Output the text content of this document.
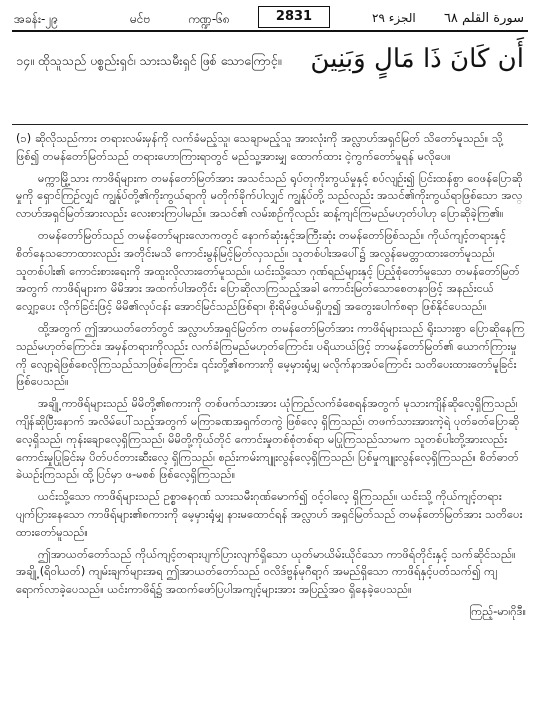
အခန်း-၂၉	မင်ဗ	ကဏ္ဍ-၆၈	2831	الجزء ٢٩ سورة القلم ٦٨
၁၄။ ထိုသူသည် ပစ္စည်းရှင်၊ သားသမီးရှင် ဖြစ် သောကြောင့်။	أَن كَانَ ذَا مَالٍ وَبَنِينَ

(၁) ဆိုလိုသည်ကား တရားလမ်းမှန်ကို လက်ခံမည့်သူ၊ သေချာမည့်သူ အားလုံးကို အလ္လာဟ်အရှင်မြတ် သိတော်မူသည်။ သို့ဖြစ်၍ တမန်တော်မြတ်သည် တရားဟောကြားရာတွင် မည်သူ့အားမျှ ထောက်ထား ငဲ့ကွက်တော်မူရန် မလိုပေ။

မက္ကာမြို့သား ကာဖိရ်များက တမန်တော်မြတ်အား အသင်သည် ရုပ်တုကိုးကွယ်မှုနှင့် စပ်လျဉ်း၍ ပြင်းထန်စွာ ဝေဖန်ပြောဆိုမှုကို ရှောင်ကြဉ်လျှင် ကျွန်ုပ်တို့၏ကိုးကွယ်ရာကို မတိုက်ခိုက်ပါလျှင် ကျွန်ုပ်တို့ သည်လည်း အသင်၏ကိုးကွယ်ရာဖြစ်သော အလ္လာဟ်အရှင်မြတ်အားလည်း လေးစားကြပါမည်။ အသင်၏ လမ်းစဉ်ကိုလည်း ဆန့်ကျင်ကြမည်မဟုတ်ပါဟု ပြောဆိုခဲ့ကြ၏။

တမန်တော်မြတ်သည် တမန်တော်များလောကတွင် နောက်ဆုံးနှင့်အကြီးဆုံး တမန်တော်ဖြစ်သည်။ ကိုယ်ကျင့်တရားနှင့် စိတ်နေသဘောထားလည်း အတိုင်းမသိ ကောင်းမွန်မြင့်မြတ်လှသည်။ သူတစ်ပါးအပေါ်၌ အလွန်မေတ္တာထားတော်မူသည်၊ သူတစ်ပါး၏ ကောင်းစားရေးကို အထူးလိုလားတော်မူသည်။ ယင်းသို့သော ဂုဏ်ရည်များနှင့် ပြည့်စုံတော်မူသော တမန်တော်မြတ်အတွက် ကာဖိရ်များက မိမိအား အထက်ပါအတိုင်း ပြောဆိုလာကြသည့်အခါ ကောင်းမြတ်သောစေတနာဖြင့် အနည်းငယ် လျှော့ပေး လိုက်ခြင်းဖြင့် မိမိ၏လုပ်ငန်း အောင်မြင်သည်ဖြစ်ရာ၊ စိုးရိမ်ဖွယ်မရှိဟူ၍ အတွေးပေါက်စရာ ဖြစ်နိုင်ပေသည်။

ထို့အတွက် ဤအာယတ်တော်တွင် အလ္လာဟ်အရှင်မြတ်က တမန်တော်မြတ်အား ကာဖိရ်များသည် ရိုးသားစွာ ပြောဆိုနေကြသည်မဟုတ်ကြောင်း၊ အမှန်တရားကိုလည်း လက်ခံကြမည်မဟုတ်ကြောင်း၊ ပရိယာယ်ဖြင့် ဘာမန်တော်မြတ်၏ ယောက်ကြားမှုကို လျော့ရဲဖြစ်စေလိုကြသည်သာဖြစ်ကြောင်း၊ ၎င်းတို့၏စကားကို မေ့မှားရုံမျှ မလိုက်နာအပ်ကြောင်း သတိပေးထားတော်မူခြင်း ဖြစ်ပေသည်။

အချို့ ကာဖိရ်များသည် မိမိတို့၏စကားကို တစ်ဖက်သားအား ယုံကြည်လက်ခံစေရန်အတွက် မုသားကျိန်ဆိုလေ့ရှိကြသည်၊ ကျိန်ဆိုပြီးနောက် အလိမ်ပေါ်သည့်အတွက် မကြာခဏအရှက်တကွဲ ဖြစ်လေ့ ရှိကြသည်၊ တဖက်သားအားကဲ့ရဲ ပုတ်ခတ်ပြောဆိုလေ့ရှိသည်၊ ကုန်းချောလေ့ရှိကြသည်၊ မိမိတို့ကိုယ်တိုင် ကောင်းမှုတစ်စုံတစ်ရာ မပြုကြသည်သာမက သူတစ်ပါးတို့အားလည်း ကောင်းမှုပြုခြင်းမှ ပိတ်ပင်တားဆီးလေ့ ရှိကြသည်၊ စည်းကမ်းကျူးလွန်လေ့ရှိကြသည်၊ ပြစ်မှုကျူးလွန်လေ့ရှိကြသည်။ စိတ်ဓာတ်ခဲယဉ်းကြသည်၊ ထို့ပြင်မှာ ဖ-မစစ် ဖြစ်လေ့ရှိကြသည်။

ယင်းသို့သော ကာဖိရ်များသည် ဥစ္စာဓနဂုဏ် သားသမီးဂုဏ်မောက်၍ ဝင့်ဝါလေ့ ရှိကြသည်။ ယင်းသို့ ကိုယ်ကျင့်တရားပျက်ပြားနေသော ကာဖိရ်များ၏စကားကို မေ့မှားရုံမျှ နားမထောင်ရန် အလ္လာဟ် အရှင်မြတ်သည် တမန်တော်မြတ်အား သတိပေးထားတော်မူသည်။

ဤအာယတ်တော်သည် ကိုယ်ကျင့်တရားပျက်ပြားလျက်ရှိသော ယုတ်မာယိမ်းယိုင်သော ကာဖိရ်တိုင်းနှင့် သက်ဆိုင်သည်။ အချို့ (ရိဝါယတ်) ကျမ်းချက်များအရ ဤအာယတ်တော်သည် ဝလိဒ်ဗ္ဗန်မုဂီရာ့ဂ် အမည်ရှိသော ကာဖိရ်နှင့်ပတ်သက်၍ ကျရောက်လာခဲ့ပေသည်။ ယင်းကာဖိရ်၌ အထက်ဖော်ပြပါအကျင့်များအား အပြည့်အဝ ရှိနေခဲ့ပေသည်။

ကြည့်-မာ၊ဂိုဒီ။
